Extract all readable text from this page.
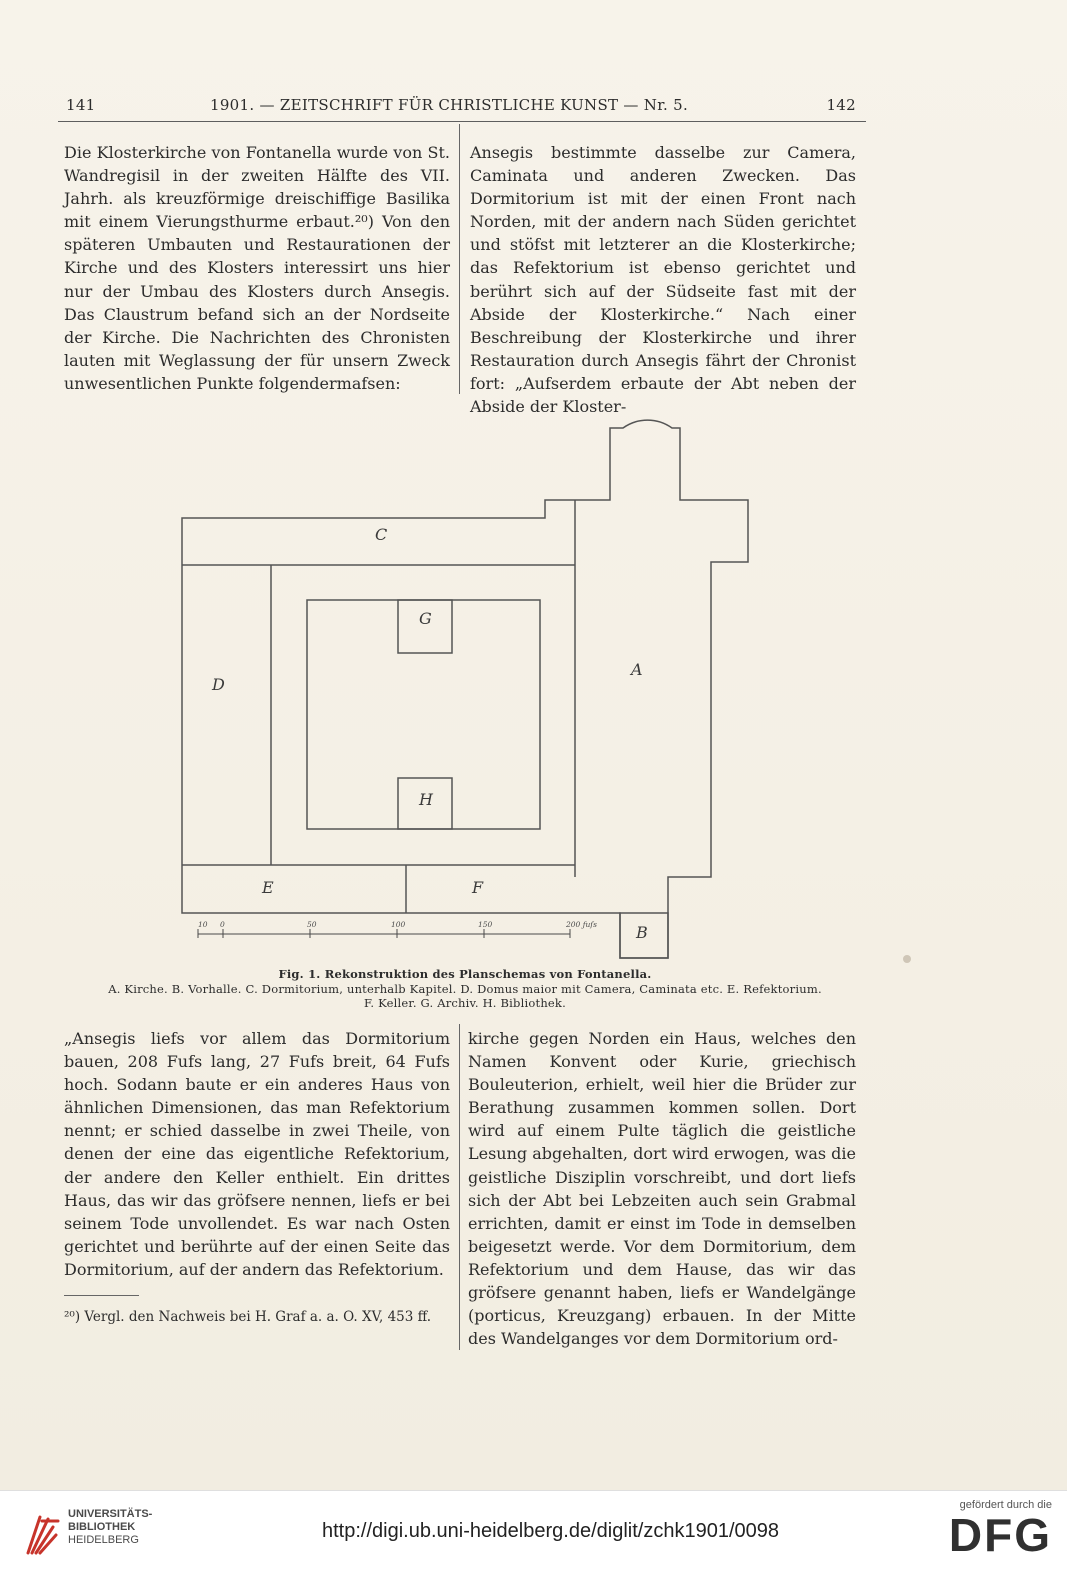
141	1901. — ZEITSCHRIFT FÜR CHRISTLICHE KUNST — Nr. 5.	142

Die Klosterkirche von Fontanella wurde von St. Wandregisil in der zweiten Hälfte des VII. Jahrh. als kreuzförmige dreischiffige Basilika mit einem Vierungsthurme erbaut.²⁰) Von den späteren Umbauten und Restaurationen der Kirche und des Klosters interessirt uns hier nur der Umbau des Klosters durch Ansegis. Das Claustrum befand sich an der Nordseite der Kirche. Die Nachrichten des Chronisten lauten mit Weglassung der für unsern Zweck unwesentlichen Punkte folgendermafsen:

Ansegis bestimmte dasselbe zur Camera, Caminata und anderen Zwecken. Das Dormitorium ist mit der einen Front nach Norden, mit der andern nach Süden gerichtet und stöfst mit letzterer an die Klosterkirche; das Refektorium ist ebenso gerichtet und berührt sich auf der Südseite fast mit der Abside der Klosterkirche.“ Nach einer Beschreibung der Klosterkirche und ihrer Restauration durch Ansegis fährt der Chronist fort: „Aufserdem erbaute der Abt neben der Abside der Kloster-

C
D
A
G
H
E	F
B
10 0	50	100	150	200 ƒuſs
Fig. 1. Rekonstruktion des Planschemas von Fontanella.
A. Kirche. B. Vorhalle. C. Dormitorium, unterhalb Kapitel. D. Domus maior mit Camera, Caminata etc. E. Refektorium.
F. Keller. G. Archiv. H. Bibliothek.

„Ansegis liefs vor allem das Dormitorium bauen, 208 Fufs lang, 27 Fufs breit, 64 Fufs hoch. Sodann baute er ein anderes Haus von ähnlichen Dimensionen, das man Refektorium nennt; er schied dasselbe in zwei Theile, von denen der eine das eigentliche Refektorium, der andere den Keller enthielt. Ein drittes Haus, das wir das gröfsere nennen, liefs er bei seinem Tode unvollendet. Es war nach Osten gerichtet und berührte auf der einen Seite das Dormitorium, auf der andern das Refektorium.

kirche gegen Norden ein Haus, welches den Namen Konvent oder Kurie, griechisch Bouleuterion, erhielt, weil hier die Brüder zur Berathung zusammen kommen sollen. Dort wird auf einem Pulte täglich die geistliche Lesung abgehalten, dort wird erwogen, was die geistliche Disziplin vorschreibt, und dort liefs sich der Abt bei Lebzeiten auch sein Grabmal errichten, damit er einst im Tode in demselben beigesetzt werde. Vor dem Dormitorium, dem Refektorium und dem Hause, das wir das gröfsere genannt haben, liefs er Wandelgänge (porticus, Kreuzgang) erbauen. In der Mitte des Wandelganges vor dem Dormitorium ord-

²⁰) Vergl. den Nachweis bei H. Graf a. a. O. XV, 453 ff.
UNIVERSITÄTS-
BIBLIOTHEK
HEIDELBERG	http://digi.ub.uni-heidelberg.de/diglit/zchk1901/0098
gefördert durch die
DFG
